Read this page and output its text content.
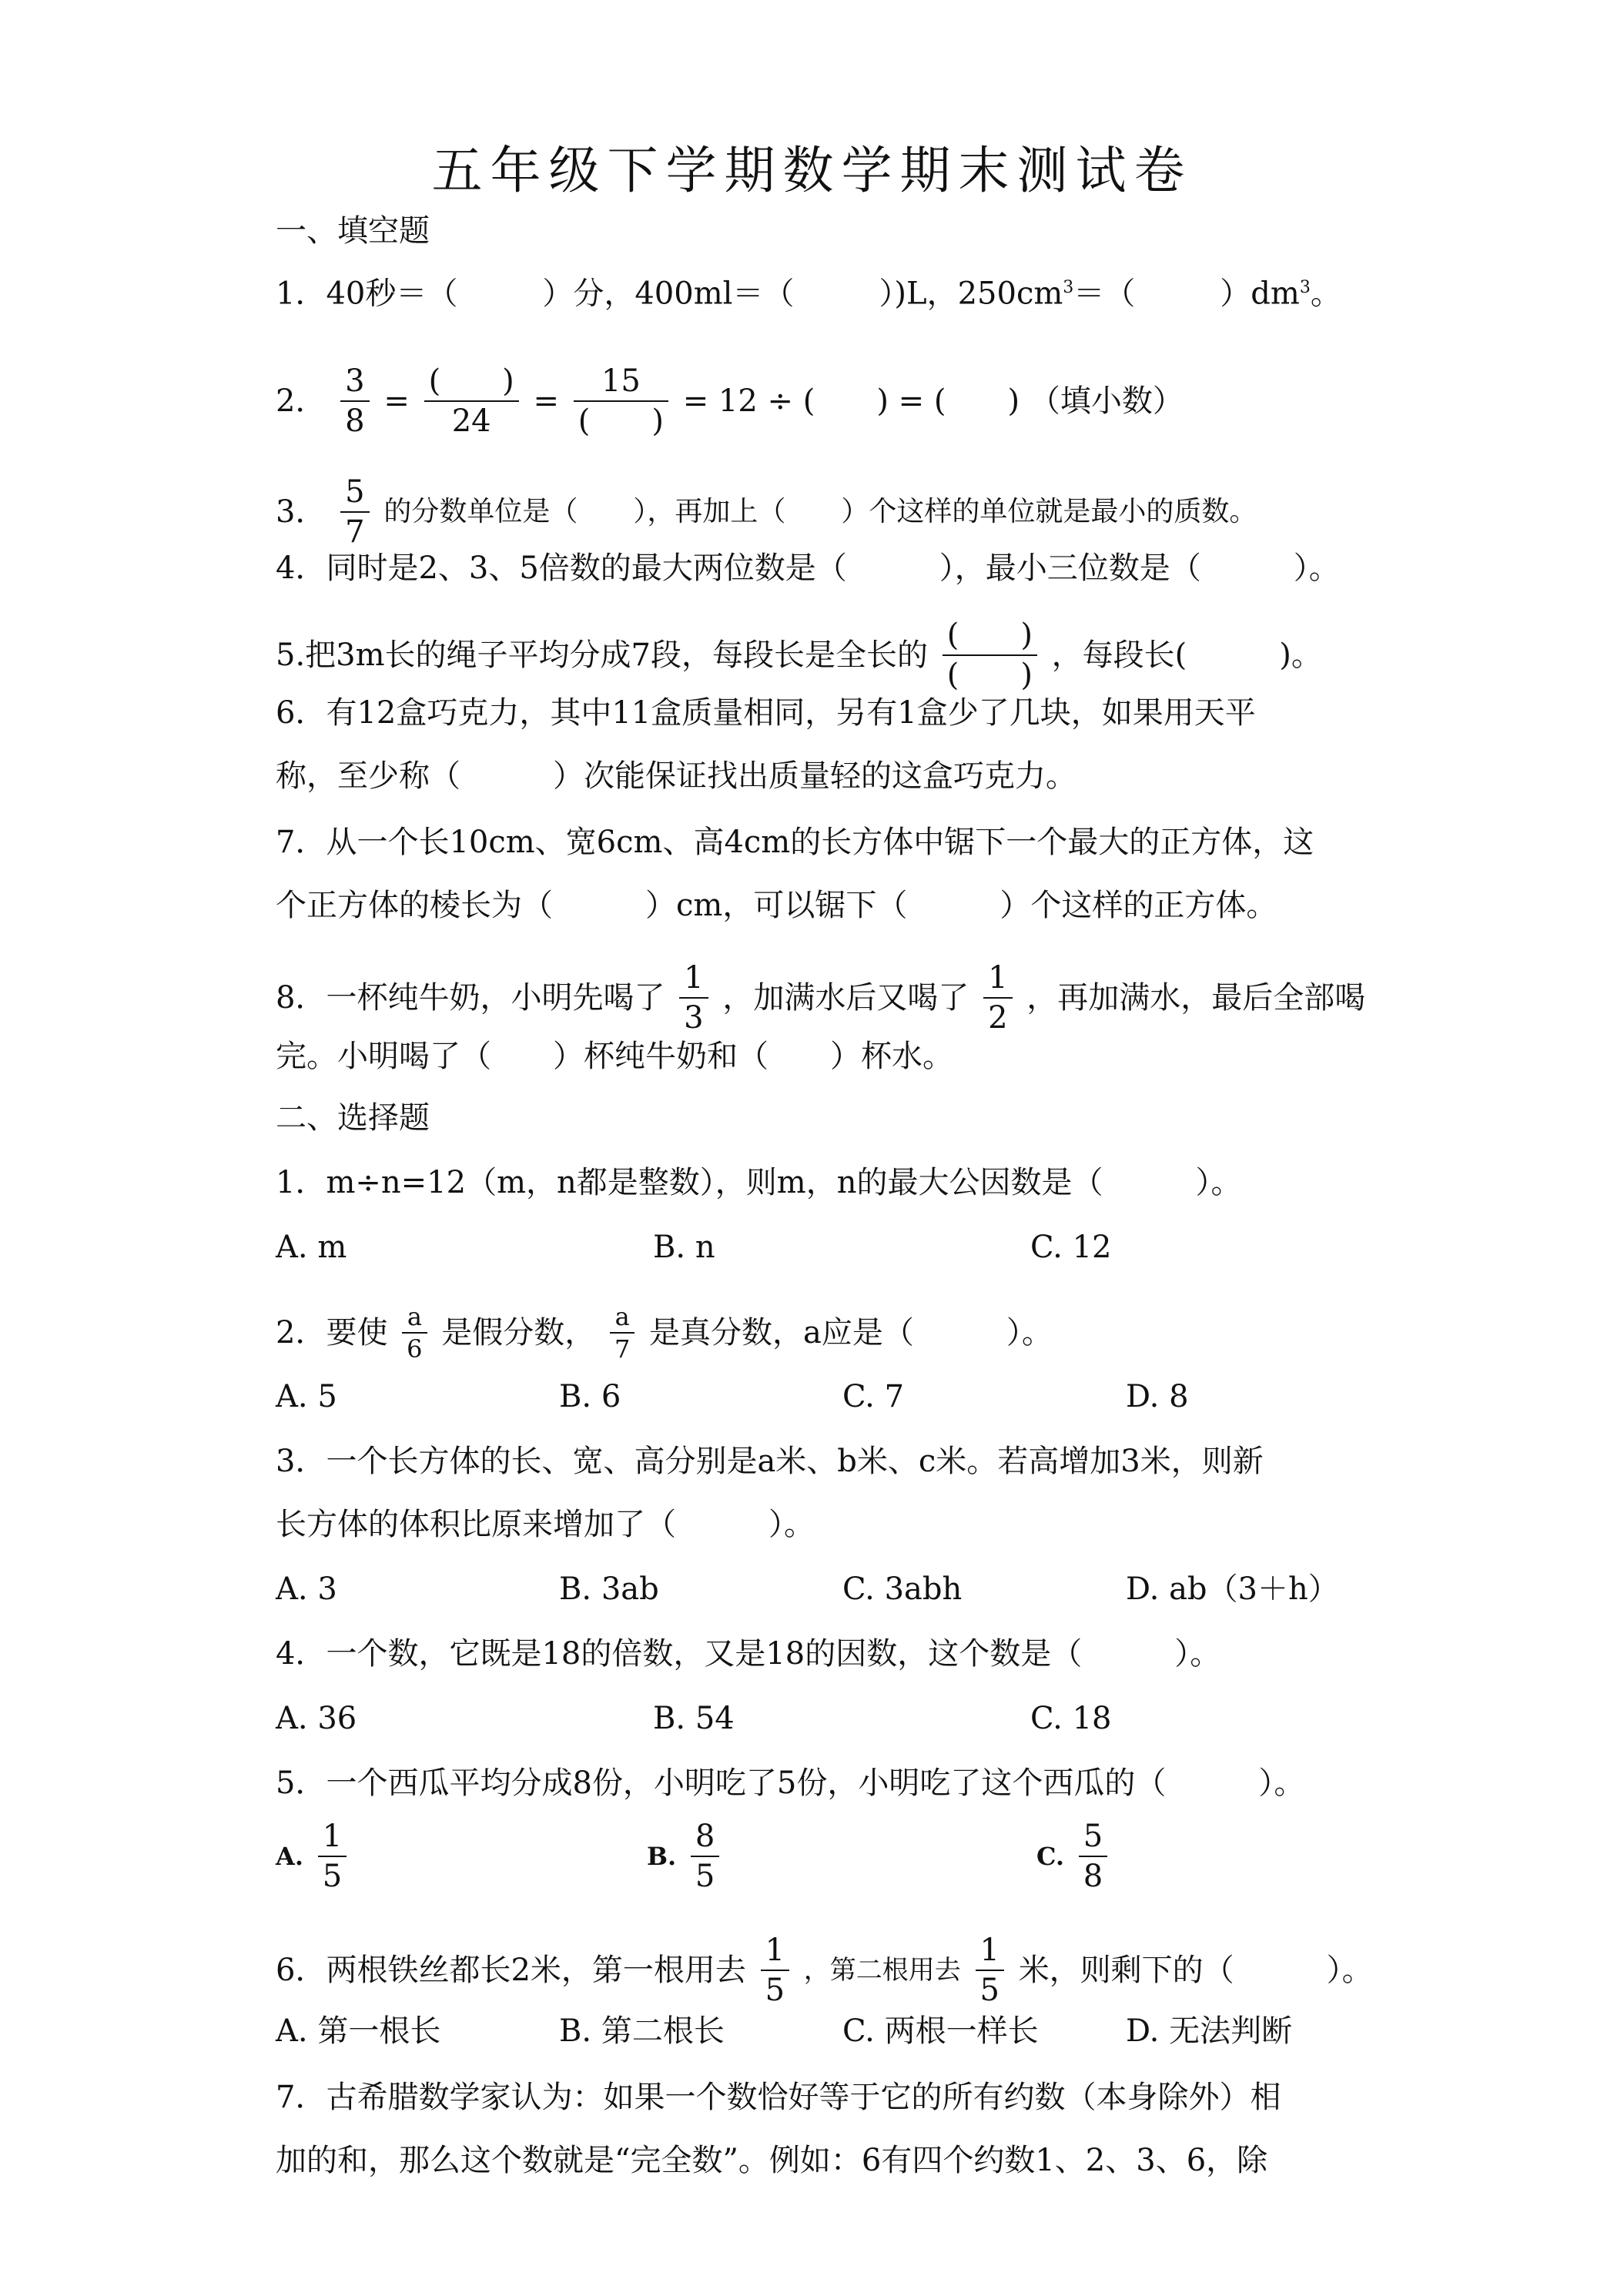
五年级下学期数学期末测试卷
一、填空题
1．40秒＝（	）分，400ml＝（	）)L，$250cm^3=$（	）$dm^3$。
2． $\frac{3}{8}$ =
(　　)
24
=
15
(　　)
= 12 ÷ (　　) = (　　) （填小数）
3． $\frac{5}{7}$ 的分数单位是（　　），再加上（　　）个这样的单位就是最小的质数。
4．同时是2、3、5倍数的最大两位数是（　　　），最小三位数是（　　　）。
5.把3m长的绳子平均分成7段，每段长是全长的
(　　)
(　　)
，每段长(　　　)。
6．有12盒巧克力，其中11盒质量相同，另有1盒少了几块，如果用天平
称，至少称（　　　）次能保证找出质量轻的这盒巧克力。
7．从一个长10cm、宽6cm、高4cm的长方体中锯下一个最大的正方体，这
个正方体的棱长为（　　　）cm，可以锯下（　　　）个这样的正方体。
8．一杯纯牛奶，小明先喝了 $\frac{1}{3}$ ，加满水后又喝了 $\frac{1}{2}$ ，再加满水，最后全部喝
完。小明喝了（　　）杯纯牛奶和（　　）杯水。
二、选择题
1．m÷n=12（m，n都是整数），则m，n的最大公因数是（　　　）。
A. m	B. n	C. 12
2．要使 $\frac{a}{6}$ 是假分数， $\frac{a}{7}$ 是真分数，a应是（　　　）。
A. 5	B. 6	C. 7	D. 8
3．一个长方体的长、宽、高分别是a米、b米、c米。若高增加3米，则新
长方体的体积比原来增加了（　　　）。
A. 3	B. 3ab	C. 3abh	D. ab（3＋h）
4．一个数，它既是18的倍数，又是18的因数，这个数是（　　　）。
A. 36	B. 54	C. 18
5．一个西瓜平均分成8份，小明吃了5份，小明吃了这个西瓜的（　　　）。
A. $\frac{1}{5}$	B. $\frac{8}{5}$	C. $\frac{5}{8}$
6．两根铁丝都长2米，第一根用去 $\frac{1}{5}$ ，第二根用去 $\frac{1}{5}$ 米，则剩下的（　　　）。
A. 第一根长	B. 第二根长	C. 两根一样长	D. 无法判断
7．古希腊数学家认为：如果一个数恰好等于它的所有约数（本身除外）相
加的和，那么这个数就是“完全数”。例如：6有四个约数1、2、3、6，除
